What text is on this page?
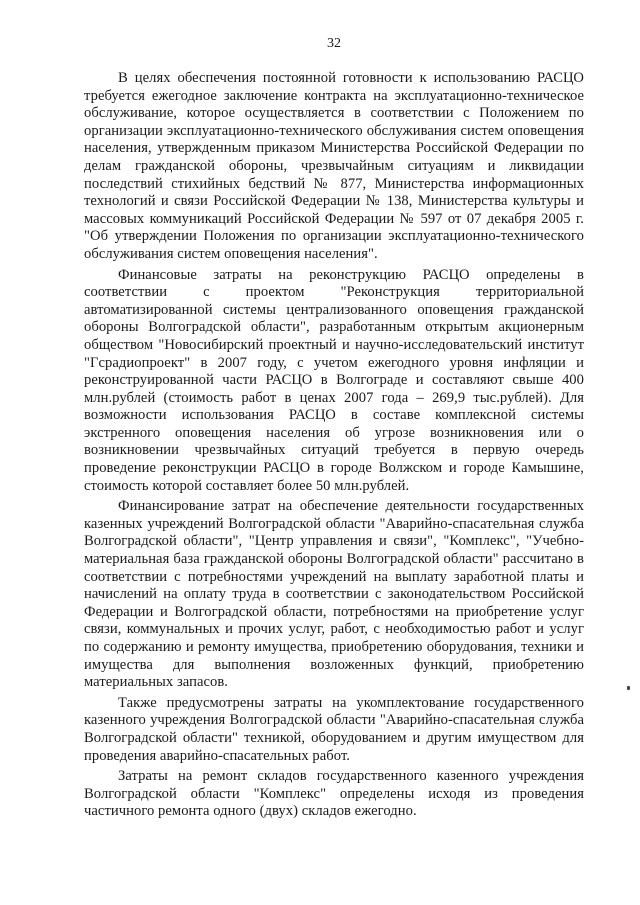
32

В целях обеспечения постоянной готовности к использованию РАСЦО требуется ежегодное заключение контракта на эксплуатационно-техническое обслуживание, которое осуществляется в соответствии с Положением по организации эксплуатационно-технического обслуживания систем оповещения населения, утвержденным приказом Министерства Российской Федерации по делам гражданской обороны, чрезвычайным ситуациям и ликвидации последствий стихийных бедствий № 877, Министерства информационных технологий и связи Российской Федерации № 138, Министерства культуры и массовых коммуникаций Российской Федерации № 597 от 07 декабря 2005 г. "Об утверждении Положения по организации эксплуатационно-технического обслуживания систем оповещения населения".

Финансовые затраты на реконструкцию РАСЦО определены в соответствии с проектом "Реконструкция территориальной автоматизированной системы централизованного оповещения гражданской обороны Волгоградской области", разработанным открытым акционерным обществом "Новосибирский проектный и научно-исследовательский институт "Гсрадиопроект" в 2007 году, с учетом ежегодного уровня инфляции и реконструированной части РАСЦО в Волгограде и составляют свыше 400 млн.рублей (стоимость работ в ценах 2007 года – 269,9 тыс.рублей). Для возможности использования РАСЦО в составе комплексной системы экстренного оповещения населения об угрозе возникновения или о возникновении чрезвычайных ситуаций требуется в первую очередь проведение реконструкции РАСЦО в городе Волжском и городе Камышине, стоимость которой составляет более 50 млн.рублей.

Финансирование затрат на обеспечение деятельности государственных казенных учреждений Волгоградской области "Аварийно-спасательная служба Волгоградской области", "Центр управления и связи", "Комплекс", "Учебно-материальная база гражданской обороны Волгоградской области" рассчитано в соответствии с потребностями учреждений на выплату заработной платы и начислений на оплату труда в соответствии с законодательством Российской Федерации и Волгоградской области, потребностями на приобретение услуг связи, коммунальных и прочих услуг, работ, с необходимостью работ и услуг по содержанию и ремонту имущества, приобретению оборудования, техники и имущества для выполнения возложенных функций, приобретению материальных запасов.

Также предусмотрены затраты на укомплектование государственного казенного учреждения Волгоградской области "Аварийно-спасательная служба Волгоградской области" техникой, оборудованием и другим имуществом для проведения аварийно-спасательных работ.

Затраты на ремонт складов государственного казенного учреждения Волгоградской области "Комплекс" определены исходя из проведения частичного ремонта одного (двух) складов ежегодно.
